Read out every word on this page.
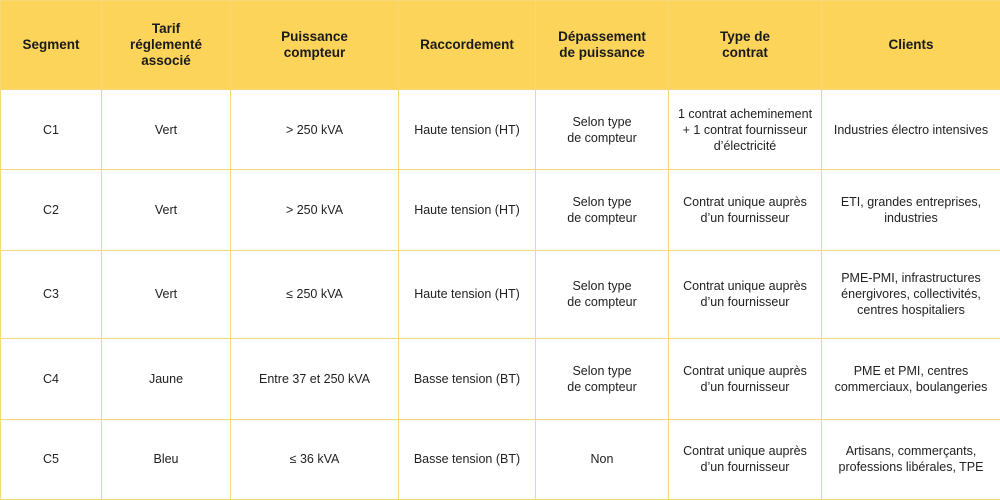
Segment	Tarif
réglementé
associé	Puissance
compteur	Raccordement	Dépassement
de puissance	Type de
contrat	Clients
C1	Vert	> 250 kVA	Haute tension (HT)	Selon type
de compteur	1 contrat acheminement
+ 1 contrat fournisseur
d’électricité	Industries électro intensives
C2	Vert	> 250 kVA	Haute tension (HT)	Selon type
de compteur	Contrat unique auprès
d’un fournisseur	ETI, grandes entreprises,
industries
C3	Vert	≤ 250 kVA	Haute tension (HT)	Selon type
de compteur	Contrat unique auprès
d’un fournisseur	PME-PMI, infrastructures
énergivores, collectivités,
centres hospitaliers
C4	Jaune	Entre 37 et 250 kVA	Basse tension (BT)	Selon type
de compteur	Contrat unique auprès
d’un fournisseur	PME et PMI, centres
commerciaux, boulangeries
C5	Bleu	≤ 36 kVA	Basse tension (BT)	Non	Contrat unique auprès
d’un fournisseur	Artisans, commerçants,
professions libérales, TPE
